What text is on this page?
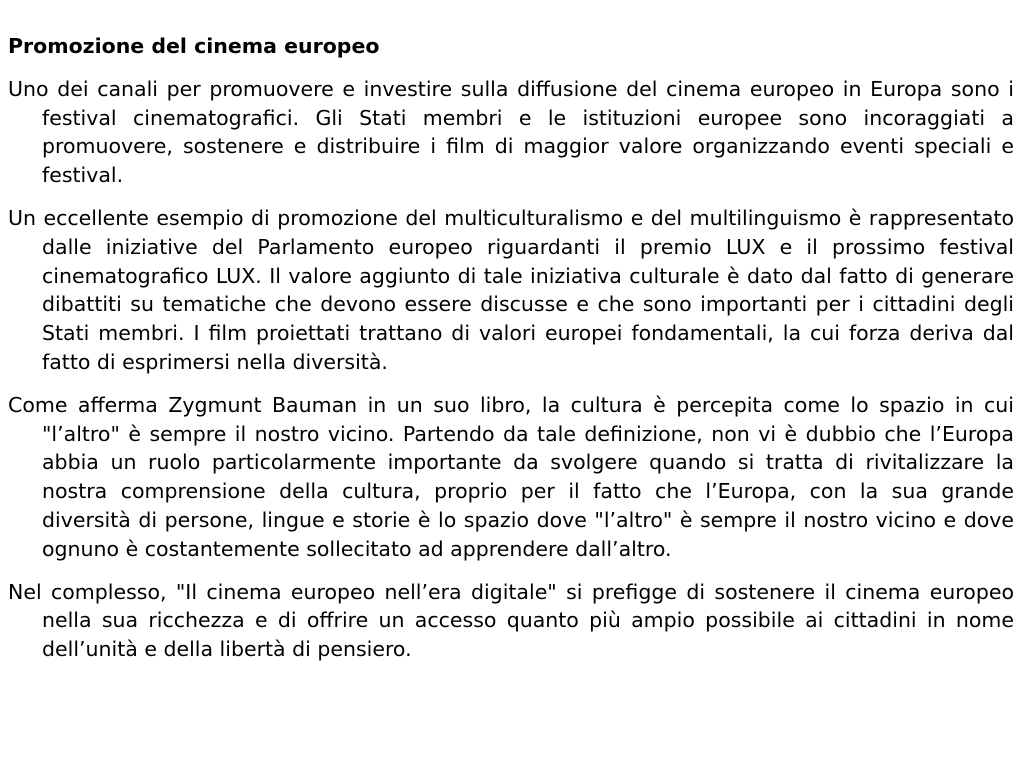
Promozione del cinema europeo

Uno dei canali per promuovere e investire sulla diffusione del cinema europeo in Europa sono i festival cinematografici. Gli Stati membri e le istituzioni europee sono incoraggiati a promuovere, sostenere e distribuire i film di maggior valore organizzando eventi speciali e festival.

Un eccellente esempio di promozione del multiculturalismo e del multilinguismo è rappresentato dalle iniziative del Parlamento europeo riguardanti il premio LUX e il prossimo festival cinematografico LUX. Il valore aggiunto di tale iniziativa culturale è dato dal fatto di generare dibattiti su tematiche che devono essere discusse e che sono importanti per i cittadini degli Stati membri. I film proiettati trattano di valori europei fondamentali, la cui forza deriva dal fatto di esprimersi nella diversità.

Come afferma Zygmunt Bauman in un suo libro, la cultura è percepita come lo spazio in cui "l’altro" è sempre il nostro vicino. Partendo da tale definizione, non vi è dubbio che l’Europa abbia un ruolo particolarmente importante da svolgere quando si tratta di rivitalizzare la nostra comprensione della cultura, proprio per il fatto che l’Europa, con la sua grande diversità di persone, lingue e storie è lo spazio dove "l’altro" è sempre il nostro vicino e dove ognuno è costantemente sollecitato ad apprendere dall’altro.

Nel complesso, "Il cinema europeo nell’era digitale" si prefigge di sostenere il cinema europeo nella sua ricchezza e di offrire un accesso quanto più ampio possibile ai cittadini in nome dell’unità e della libertà di pensiero.
